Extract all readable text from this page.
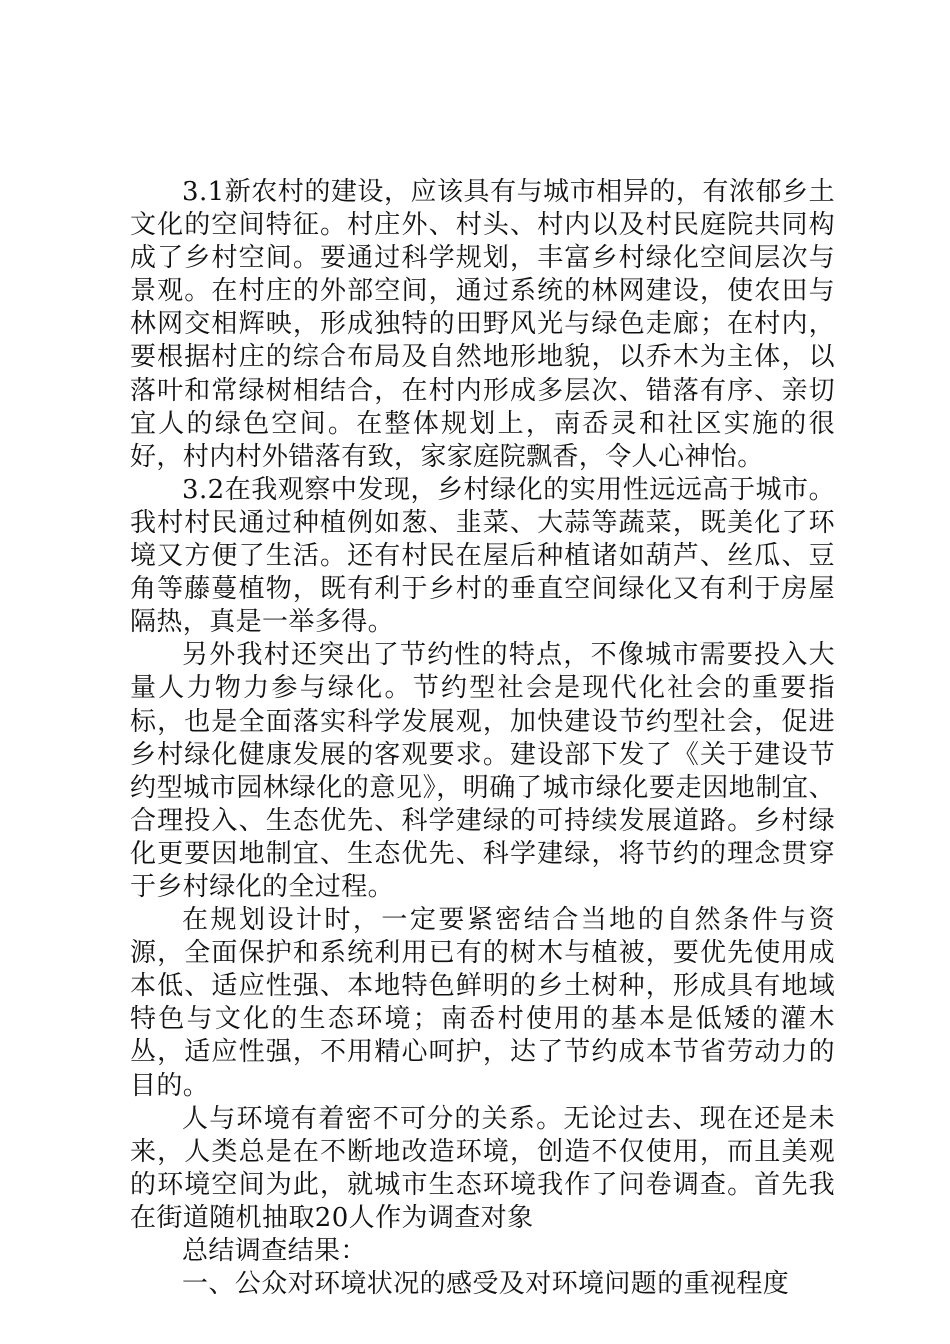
3.1新农村的建设，应该具有与城市相异的，有浓郁乡土文化的空间特征。村庄外、村头、村内以及村民庭院共同构成了乡村空间。要通过科学规划，丰富乡村绿化空间层次与景观。在村庄的外部空间，通过系统的林网建设，使农田与林网交相辉映，形成独特的田野风光与绿色走廊；在村内，要根据村庄的综合布局及自然地形地貌，以乔木为主体，以落叶和常绿树相结合，在村内形成多层次、错落有序、亲切宜人的绿色空间。在整体规划上，南岙灵和社区实施的很好，村内村外错落有致，家家庭院飘香，令人心神怡。

3.2在我观察中发现，乡村绿化的实用性远远高于城市。我村村民通过种植例如葱、韭菜、大蒜等蔬菜，既美化了环境又方便了生活。还有村民在屋后种植诸如葫芦、丝瓜、豆角等藤蔓植物，既有利于乡村的垂直空间绿化又有利于房屋隔热，真是一举多得。

另外我村还突出了节约性的特点，不像城市需要投入大量人力物力参与绿化。节约型社会是现代化社会的重要指标，也是全面落实科学发展观，加快建设节约型社会，促进乡村绿化健康发展的客观要求。建设部下发了《关于建设节约型城市园林绿化的意见》，明确了城市绿化要走因地制宜、合理投入、生态优先、科学建绿的可持续发展道路。乡村绿化更要因地制宜、生态优先、科学建绿，将节约的理念贯穿于乡村绿化的全过程。

在规划设计时，一定要紧密结合当地的自然条件与资源，全面保护和系统利用已有的树木与植被，要优先使用成本低、适应性强、本地特色鲜明的乡土树种，形成具有地域特色与文化的生态环境；南岙村使用的基本是低矮的灌木丛，适应性强，不用精心呵护，达了节约成本节省劳动力的目的。

人与环境有着密不可分的关系。无论过去、现在还是未来，人类总是在不断地改造环境，创造不仅使用，而且美观的环境空间为此，就城市生态环境我作了问卷调查。首先我在街道随机抽取20人作为调查对象

总结调查结果：

一、公众对环境状况的感受及对环境问题的重视程度
